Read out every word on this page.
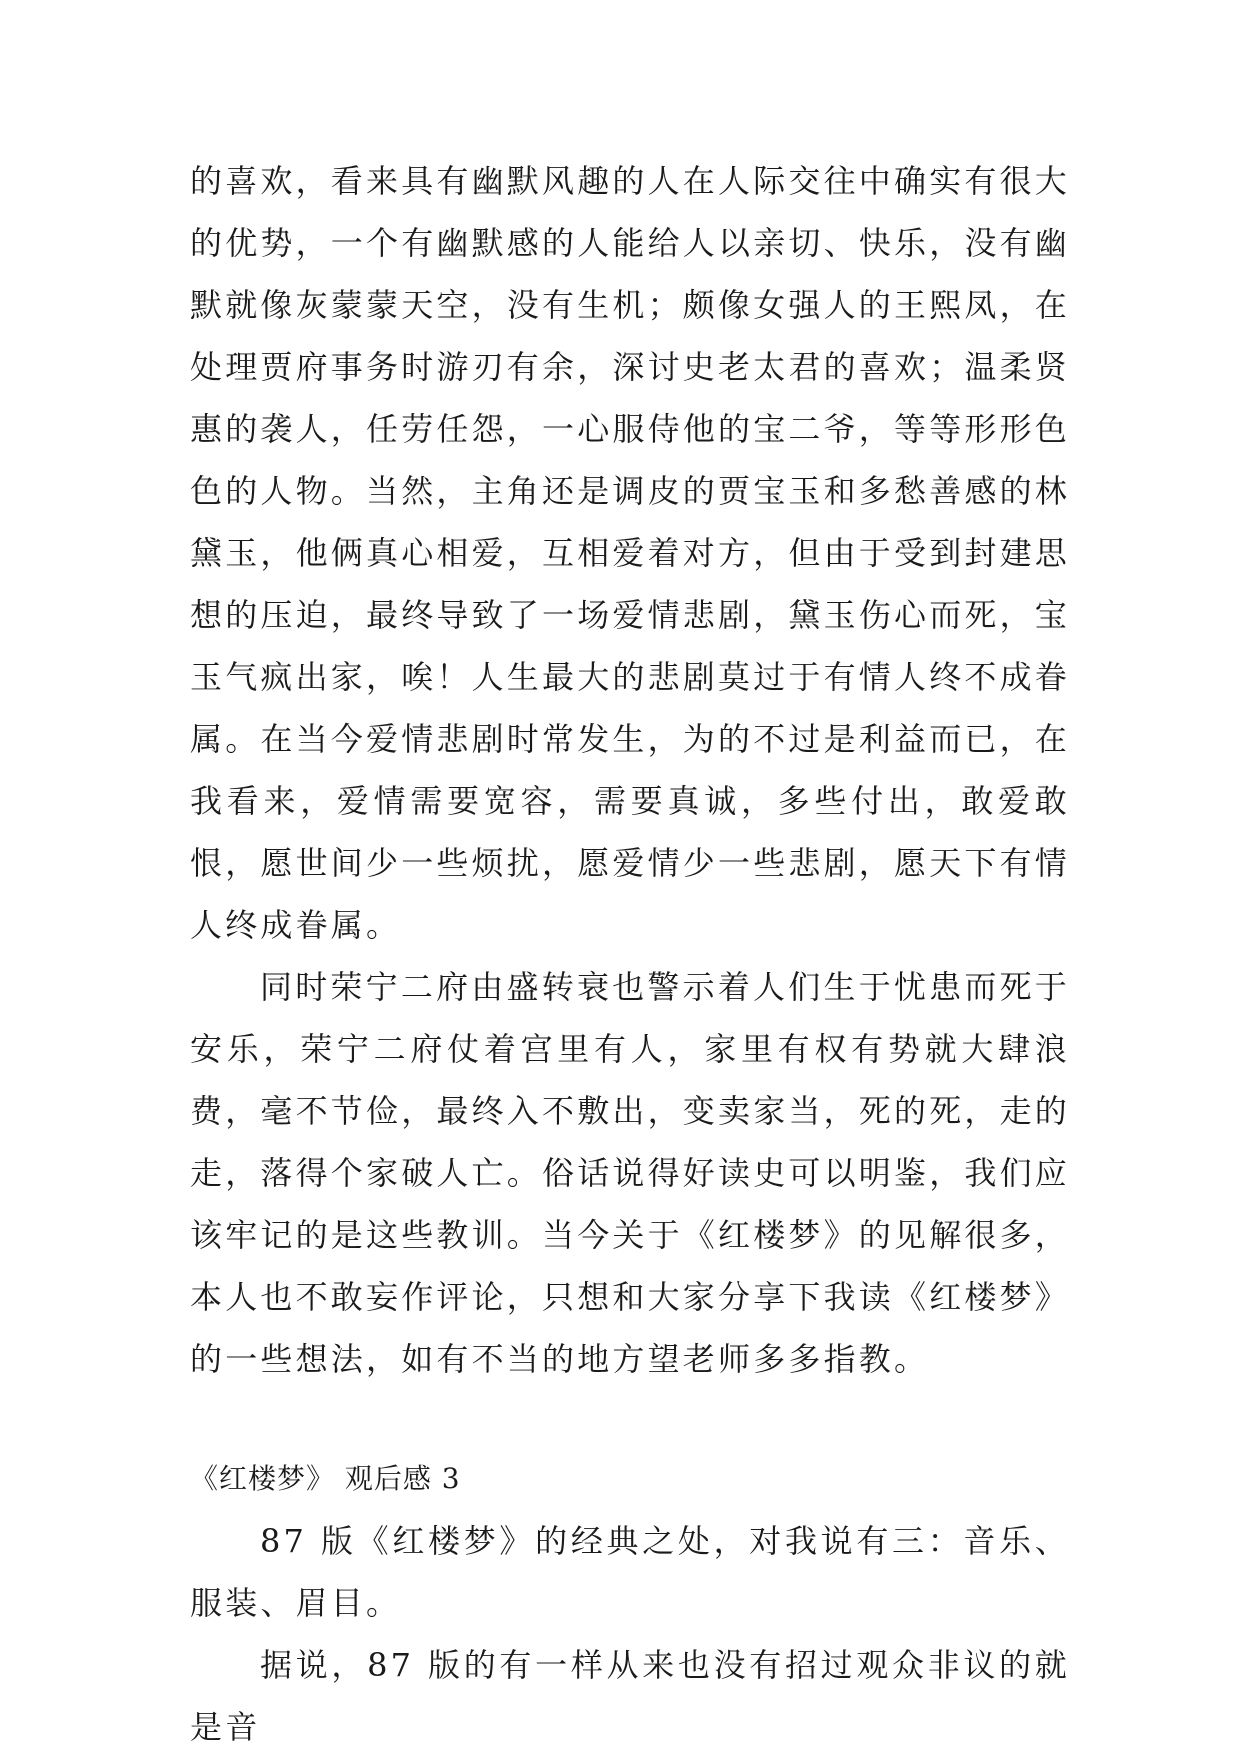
的喜欢，看来具有幽默风趣的人在人际交往中确实有很大的优势，一个有幽默感的人能给人以亲切、快乐，没有幽默就像灰蒙蒙天空，没有生机；颇像女强人的王熙凤，在处理贾府事务时游刃有余，深讨史老太君的喜欢；温柔贤惠的袭人，任劳任怨，一心服侍他的宝二爷，等等形形色色的人物。当然，主角还是调皮的贾宝玉和多愁善感的林黛玉，他俩真心相爱，互相爱着对方，但由于受到封建思想的压迫，最终导致了一场爱情悲剧，黛玉伤心而死，宝玉气疯出家，唉！人生最大的悲剧莫过于有情人终不成眷属。在当今爱情悲剧时常发生，为的不过是利益而已，在我看来，爱情需要宽容，需要真诚，多些付出，敢爱敢恨，愿世间少一些烦扰，愿爱情少一些悲剧，愿天下有情人终成眷属。

同时荣宁二府由盛转衰也警示着人们生于忧患而死于安乐，荣宁二府仗着宫里有人，家里有权有势就大肆浪费，毫不节俭，最终入不敷出，变卖家当，死的死，走的走，落得个家破人亡。俗话说得好读史可以明鉴，我们应该牢记的是这些教训。当今关于《红楼梦》的见解很多，本人也不敢妄作评论，只想和大家分享下我读《红楼梦》的一些想法，如有不当的地方望老师多多指教。

《红楼梦》 观后感 3

87 版《红楼梦》的经典之处，对我说有三：音乐、服装、眉目。

据说，87 版的有一样从来也没有招过观众非议的就是音
